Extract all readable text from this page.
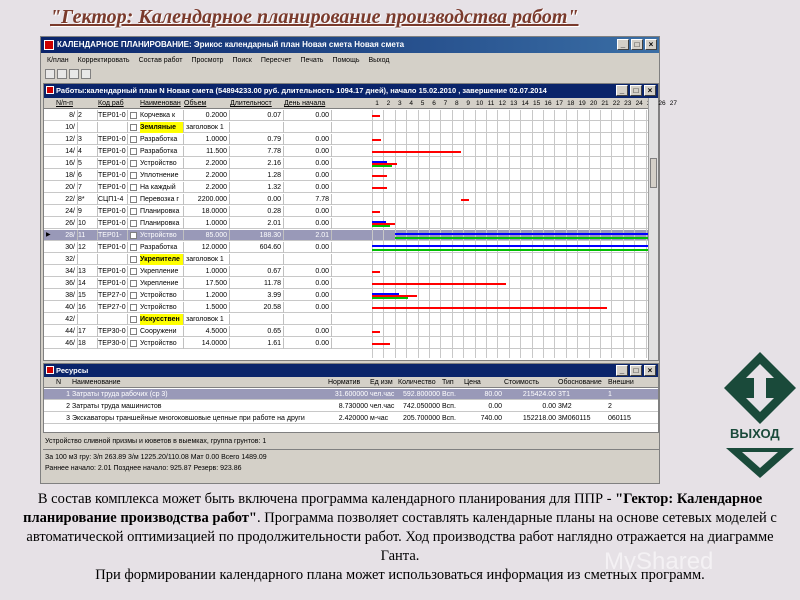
"Гектор: Календарное планирование производства работ"
КАЛЕНДАРНОЕ ПЛАНИРОВАНИЕ: Эрикос календарный план Новая смета Новая смета	_	□	×
К/план Корректировать Состав работ Просмотр Поиск Пересчет Печать Помощь Выход
Работы:календарный план N Новая смета (54894233.00 руб. длительность 1094.17 дней), начало 15.02.2010 , завершение 02.07.2014	_	□	×
N/п-п	Код раб	Наименован Объем	Длительност	День начала	1	2	3	4	5	6	7	8	9 10 11 12 13 14 15 16 17 18 19 20 21 22 23 24 26 27
8/ 2	ТЕР01-0	Корчевка к	0.2000	0.07	0.00
10/	Земляные	заголовок 1
12/ 3	ТЕР01-0	Разработка	1.0000	0.79	0.00
14/ 4	ТЕР01-0	Разработка	11.500	7.78	0.00
16/ 5	ТЕР01-0	Устройство	2.2000	2.16	0.00
18/ 6	ТЕР01-0	Уплотнение	2.2000	1.28	0.00
20/ 7	ТЕР01-0	На каждый	2.2000	1.32	0.00
22/ 8*	СЦП1-4	Перевозка г	2200.000	0.00	7.78
24/ 9	ТЕР01-0	Планировка	18.0000	0.28	0.00
26/ 10	ТЕР01-0	Планировка	1.0000	2.01	0.00
28/ 11	ТЕР01-	Устройство	85.000	188.30	2.01
▶
30/ 12	ТЕР01-0	Разработка	12.0000	604.60	0.00
32/	Укрепителе заголовок 1
34/ 13	ТЕР01-0	Укрепление	1.0000	0.67	0.00
36/ 14	ТЕР01-0	Укрепление	17.500	11.78	0.00
38/ 15	ТЕР27-0	Устройство	1.2000	3.99	0.00
40/ 16	ТЕР27-0	Устройство	1.5000	20.58	0.00
42/	Искусствен заголовок 1
44/ 17	ТЕР30-0	Сооружени	4.5000	0.65	0.00
46/ 18	ТЕР30-0	Устройство	14.0000	1.61	0.00
Ресурсы	_	□	×
N	Наименование	Норматив	Ед изм Количество Тип	Цена	Стоимость	Обоснование Внешни
1 Затраты труда рабочих (ср 3)	31.600000 чел.час	592.800000 Всп.	80.00	215424.00 3Т1	1
2 Затраты труда машинистов	8.730000 чел.час	742.050000 Всп.	0.00	0.00 3М2	2
3 Экскаваторы траншейные многоковшовые цепные при работе на други	2.420000 м-час	205.700000 Всп.	740.00	152218.00 3М060115	060115
Устройство сливной призмы и кюветов в выемках, группа грунтов: 1
За 100 м3 гру: 3/п 263.89 3/м 1225.20/110.08 Мат 0.00 Всего 1489.09
Раннее начало: 2.01 Позднее начало: 925.87 Резерв: 923.86
ВЫХОД
В состав комплекса может быть включена программа календарного планирования для ППР - "Гектор: Календарное планирование производства работ". Программа позволяет составлять календарные планы на основе сетевых моделей с автоматической оптимизацией по продолжительности работ. Ход производства работ наглядно отражается на диаграмме Ганта.
При формировании календарного плана может использоваться информация из сметных программ.
MyShared
